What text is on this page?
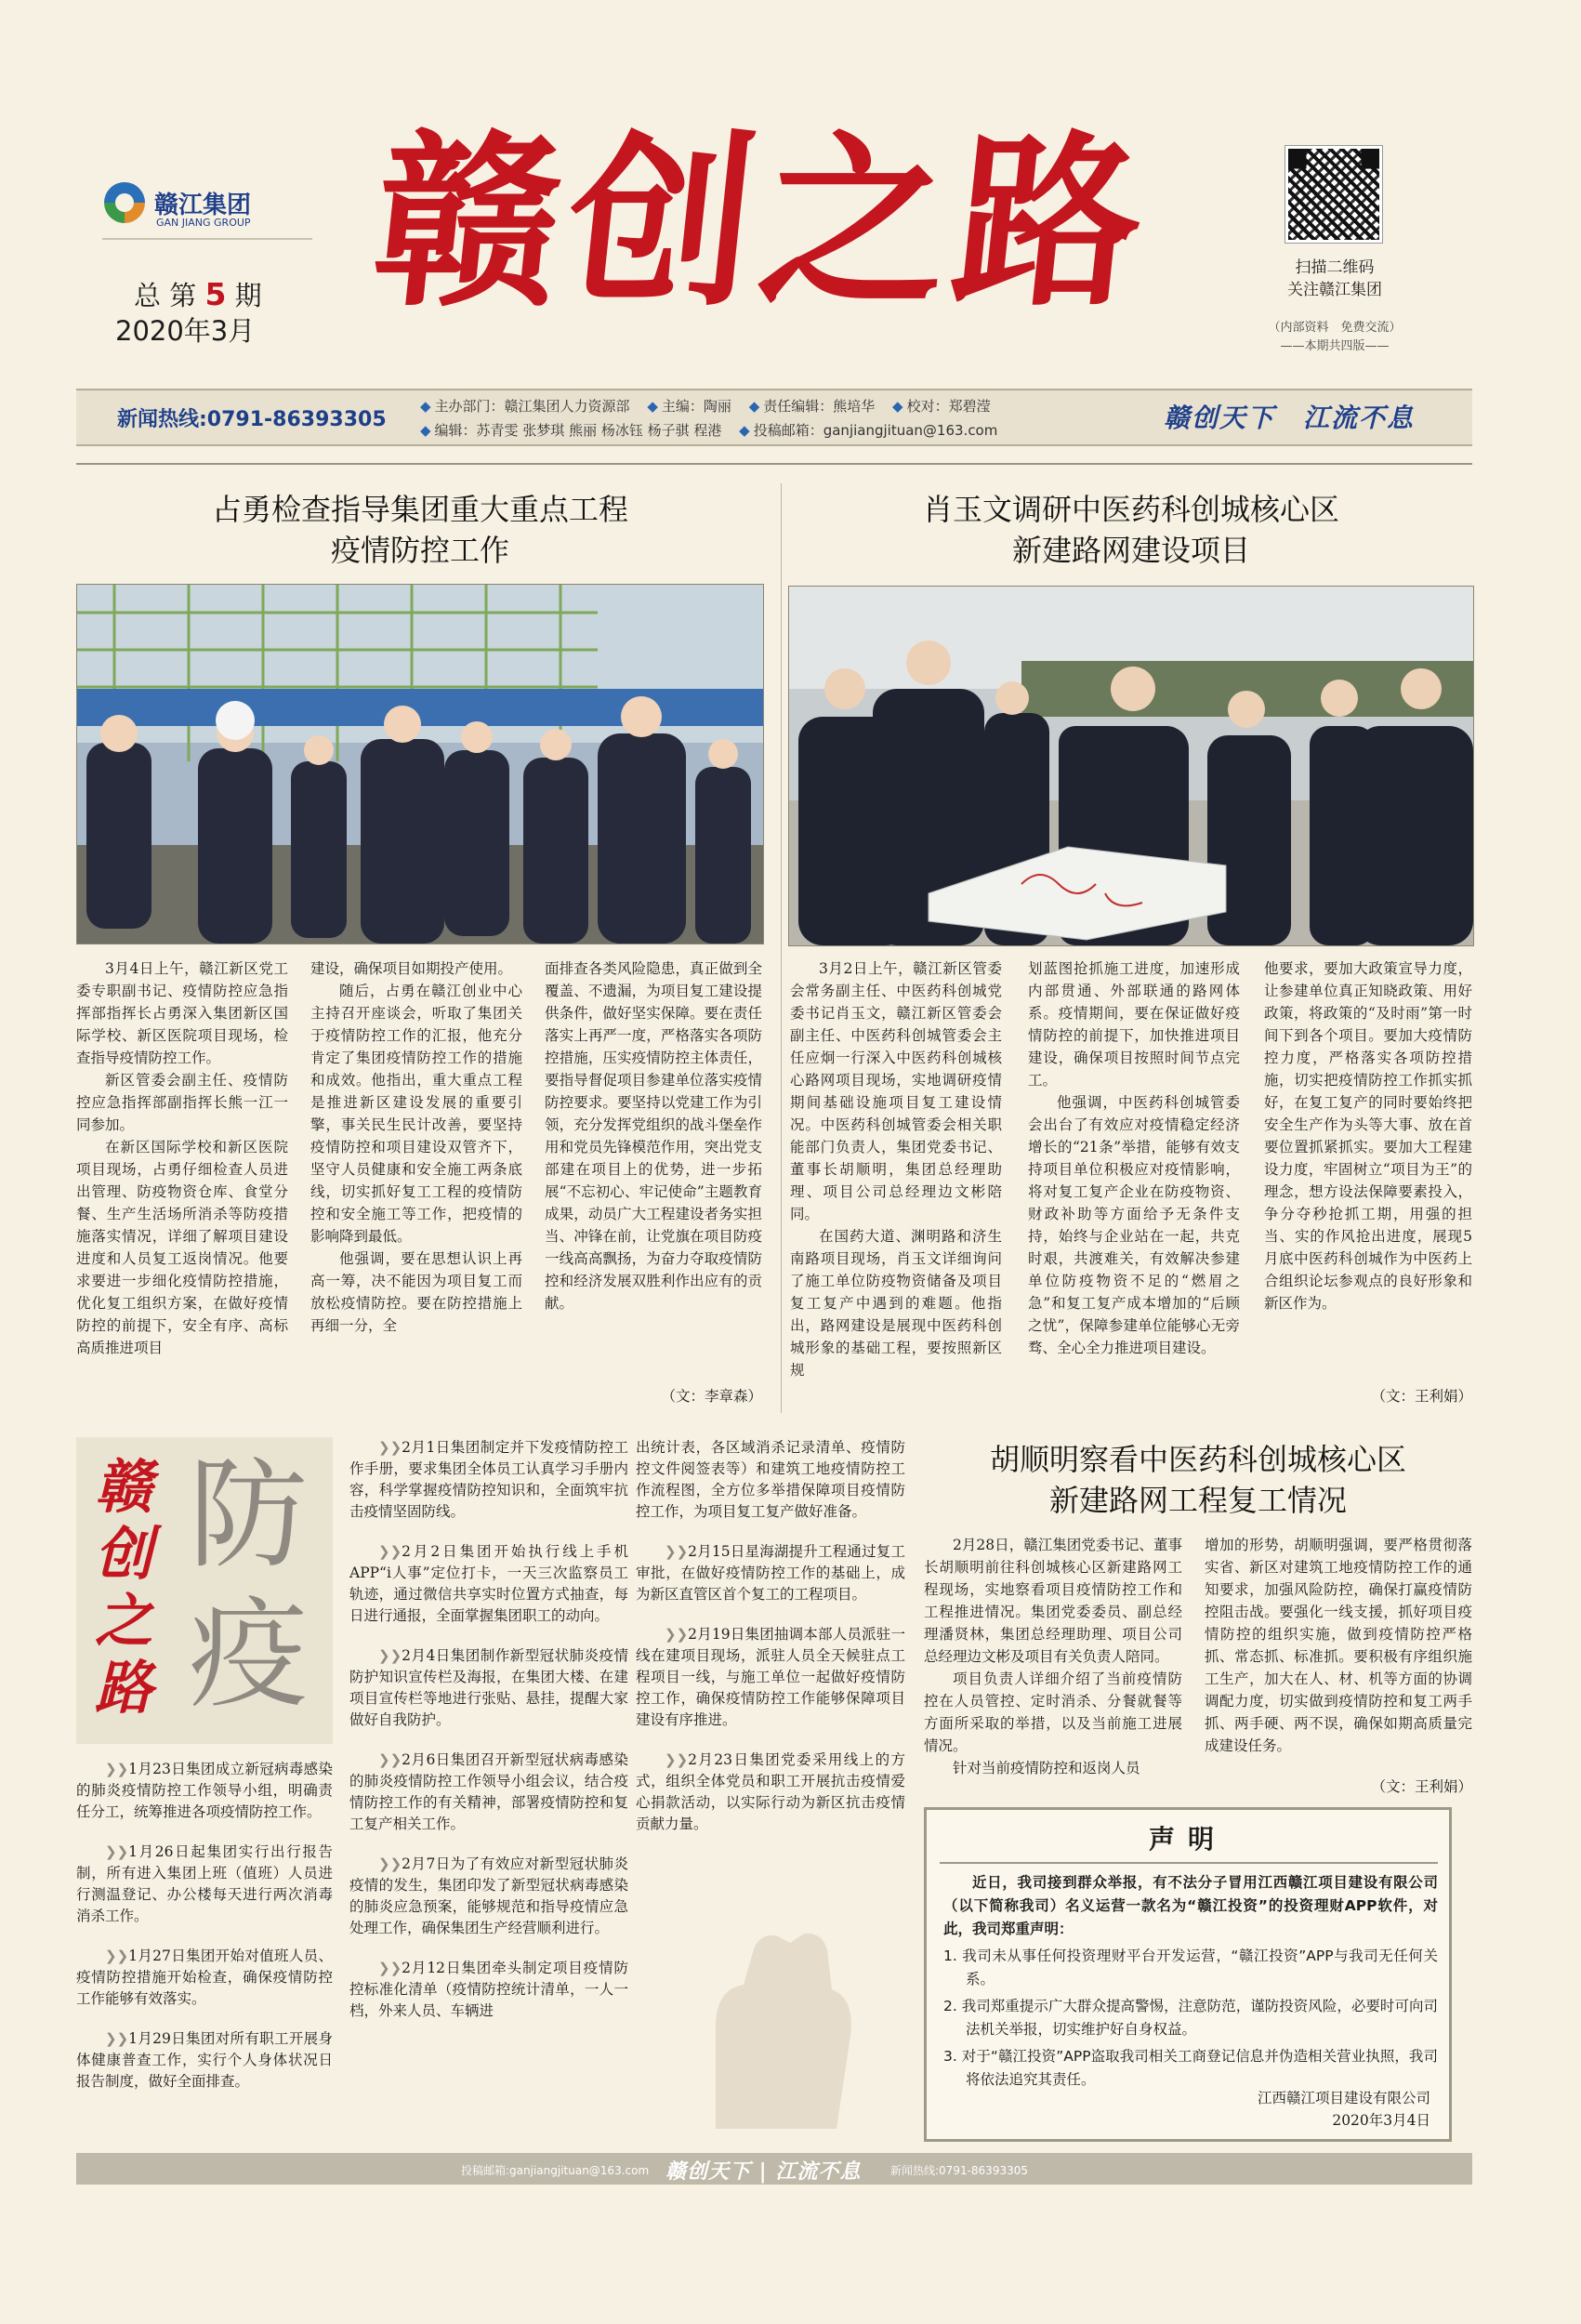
赣江集团
GAN JIANG GROUP
总 第 5 期
2020年3月 赣创之路	扫描二维码
关注赣江集团
（内部资料　免费交流）
——本期共四版——
新闻热线:0791-86393305
◆ 主办部门：赣江集团人力资源部 ◆ 主编：陶丽 ◆ 责任编辑：熊培华 ◆ 校对：郑碧滢
◆ 编辑：苏青雯 张梦琪 熊丽 杨冰钰 杨子骐 程港 ◆ 投稿邮箱：ganjiangjituan@163.com	赣创天下　江流不息
占勇检查指导集团重大重点工程
疫情防控工作

3月4日上午，赣江新区党工委专职副书记、疫情防控应急指挥部指挥长占勇深入集团新区国际学校、新区医院项目现场，检查指导疫情防控工作。

新区管委会副主任、疫情防控应急指挥部副指挥长熊一江一同参加。

在新区国际学校和新区医院项目现场，占勇仔细检查人员进出管理、防疫物资仓库、食堂分餐、生产生活场所消杀等防疫措施落实情况，详细了解项目建设进度和人员复工返岗情况。他要求要进一步细化疫情防控措施，优化复工组织方案，在做好疫情防控的前提下，安全有序、高标高质推进项目

建设，确保项目如期投产使用。

随后，占勇在赣江创业中心主持召开座谈会，听取了集团关于疫情防控工作的汇报，他充分肯定了集团疫情防控工作的措施和成效。他指出，重大重点工程是推进新区建设发展的重要引擎，事关民生民计改善，要坚持疫情防控和项目建设双管齐下，坚守人员健康和安全施工两条底线，切实抓好复工工程的疫情防控和安全施工等工作，把疫情的影响降到最低。

他强调，要在思想认识上再高一筹，决不能因为项目复工而放松疫情防控。要在防控措施上再细一分，全

面排查各类风险隐患，真正做到全覆盖、不遗漏，为项目复工建设提供条件，做好坚实保障。要在责任落实上再严一度，严格落实各项防控措施，压实疫情防控主体责任，要指导督促项目参建单位落实疫情防控要求。要坚持以党建工作为引领，充分发挥党组织的战斗堡垒作用和党员先锋模范作用，突出党支部建在项目上的优势，进一步拓展“不忘初心、牢记使命”主题教育成果，动员广大工程建设者务实担当、冲锋在前，让党旗在项目防疫一线高高飘扬，为奋力夺取疫情防控和经济发展双胜利作出应有的贡献。

（文：李章森）
肖玉文调研中医药科创城核心区
新建路网建设项目

3月2日上午，赣江新区管委会常务副主任、中医药科创城党委书记肖玉文，赣江新区管委会副主任、中医药科创城管委会主任应炯一行深入中医药科创城核心路网项目现场，实地调研疫情期间基础设施项目复工建设情况。中医药科创城管委会相关职能部门负责人，集团党委书记、董事长胡顺明，集团总经理助理、项目公司总经理边文彬陪同。

在国药大道、渊明路和济生南路项目现场，肖玉文详细询问了施工单位防疫物资储备及项目复工复产中遇到的难题。他指出，路网建设是展现中医药科创城形象的基础工程，要按照新区规

划蓝图抢抓施工进度，加速形成内部贯通、外部联通的路网体系。疫情期间，要在保证做好疫情防控的前提下，加快推进项目建设，确保项目按照时间节点完工。

他强调，中医药科创城管委会出台了有效应对疫情稳定经济增长的“21条”举措，能够有效支持项目单位积极应对疫情影响，将对复工复产企业在防疫物资、财政补助等方面给予无条件支持，始终与企业站在一起，共克时艰，共渡难关，有效解决参建单位防疫物资不足的“燃眉之急”和复工复产成本增加的“后顾之忧”，保障参建单位能够心无旁骛、全心全力推进项目建设。

他要求，要加大政策宣导力度，让参建单位真正知晓政策、用好政策，将政策的“及时雨”第一时间下到各个项目。要加大疫情防控力度，严格落实各项防控措施，切实把疫情防控工作抓实抓好，在复工复产的同时要始终把安全生产作为头等大事、放在首要位置抓紧抓实。要加大工程建设力度，牢固树立“项目为王”的理念，想方设法保障要素投入，争分夺秒抢抓工期，用强的担当、实的作风抢出进度，展现5月底中医药科创城作为中医药上合组织论坛参观点的良好形象和新区作为。

（文：王利娟）
赣
创
之
路
防
疫

❯❯1月23日集团成立新冠病毒感染的肺炎疫情防控工作领导小组，明确责任分工，统筹推进各项疫情防控工作。

❯❯1月26日起集团实行出行报告制，所有进入集团上班（值班）人员进行测温登记、办公楼每天进行两次消毒消杀工作。

❯❯1月27日集团开始对值班人员、疫情防控措施开始检查，确保疫情防控工作能够有效落实。

❯❯1月29日集团对所有职工开展身体健康普查工作，实行个人身体状况日报告制度，做好全面排查。

❯❯2月1日集团制定并下发疫情防控工作手册，要求集团全体员工认真学习手册内容，科学掌握疫情防控知识和，全面筑牢抗击疫情坚固防线。

❯❯2月2日集团开始执行线上手机APP“i人事”定位打卡，一天三次监察员工轨迹，通过微信共享实时位置方式抽查，每日进行通报，全面掌握集团职工的动向。

❯❯2月4日集团制作新型冠状肺炎疫情防护知识宣传栏及海报，在集团大楼、在建项目宣传栏等地进行张贴、悬挂，提醒大家做好自我防护。

❯❯2月6日集团召开新型冠状病毒感染的肺炎疫情防控工作领导小组会议，结合疫情防控工作的有关精神，部署疫情防控和复工复产相关工作。

❯❯2月7日为了有效应对新型冠状肺炎疫情的发生，集团印发了新型冠状病毒感染的肺炎应急预案，能够规范和指导疫情应急处理工作，确保集团生产经营顺利进行。

❯❯2月12日集团牵头制定项目疫情防控标准化清单（疫情防控统计清单，一人一档，外来人员、车辆进

出统计表，各区域消杀记录清单、疫情防控文件阅签表等）和建筑工地疫情防控工作流程图，全方位多举措保障项目疫情防控工作，为项目复工复产做好准备。

❯❯2月15日星海湖提升工程通过复工审批，在做好疫情防控工作的基础上，成为新区直管区首个复工的工程项目。

❯❯2月19日集团抽调本部人员派驻一线在建项目现场，派驻人员全天候驻点工程项目一线，与施工单位一起做好疫情防控工作，确保疫情防控工作能够保障项目建设有序推进。

❯❯2月23日集团党委采用线上的方式，组织全体党员和职工开展抗击疫情爱心捐款活动，以实际行动为新区抗击疫情贡献力量。

胡顺明察看中医药科创城核心区
新建路网工程复工情况

2月28日，赣江集团党委书记、董事长胡顺明前往科创城核心区新建路网工程现场，实地察看项目疫情防控工作和工程推进情况。集团党委委员、副总经理潘贤林，集团总经理助理、项目公司总经理边文彬及项目有关负责人陪同。

项目负责人详细介绍了当前疫情防控在人员管控、定时消杀、分餐就餐等方面所采取的举措，以及当前施工进展情况。

针对当前疫情防控和返岗人员

增加的形势，胡顺明强调，要严格贯彻落实省、新区对建筑工地疫情防控工作的通知要求，加强风险防控，确保打赢疫情防控阻击战。要强化一线支援，抓好项目疫情防控的组织实施，做到疫情防控严格抓、常态抓、标准抓。要积极有序组织施工生产，加大在人、材、机等方面的协调调配力度，切实做到疫情防控和复工两手抓、两手硬、两不误，确保如期高质量完成建设任务。

（文：王利娟）
声明

近日，我司接到群众举报，有不法分子冒用江西赣江项目建设有限公司（以下简称我司）名义运营一款名为“赣江投资”的投资理财APP软件，对此，我司郑重声明：

1. 我司未从事任何投资理财平台开发运营，“赣江投资”APP与我司无任何关系。

2. 我司郑重提示广大群众提高警惕，注意防范，谨防投资风险，必要时可向司法机关举报，切实维护好自身权益。

3. 对于“赣江投资”APP盗取我司相关工商登记信息并伪造相关营业执照，我司将依法追究其责任。

江西赣江项目建设有限公司
2020年3月4日
投稿邮箱:ganjiangjituan@163.com 赣创天下 | 江流不息	新闻热线:0791-86393305
